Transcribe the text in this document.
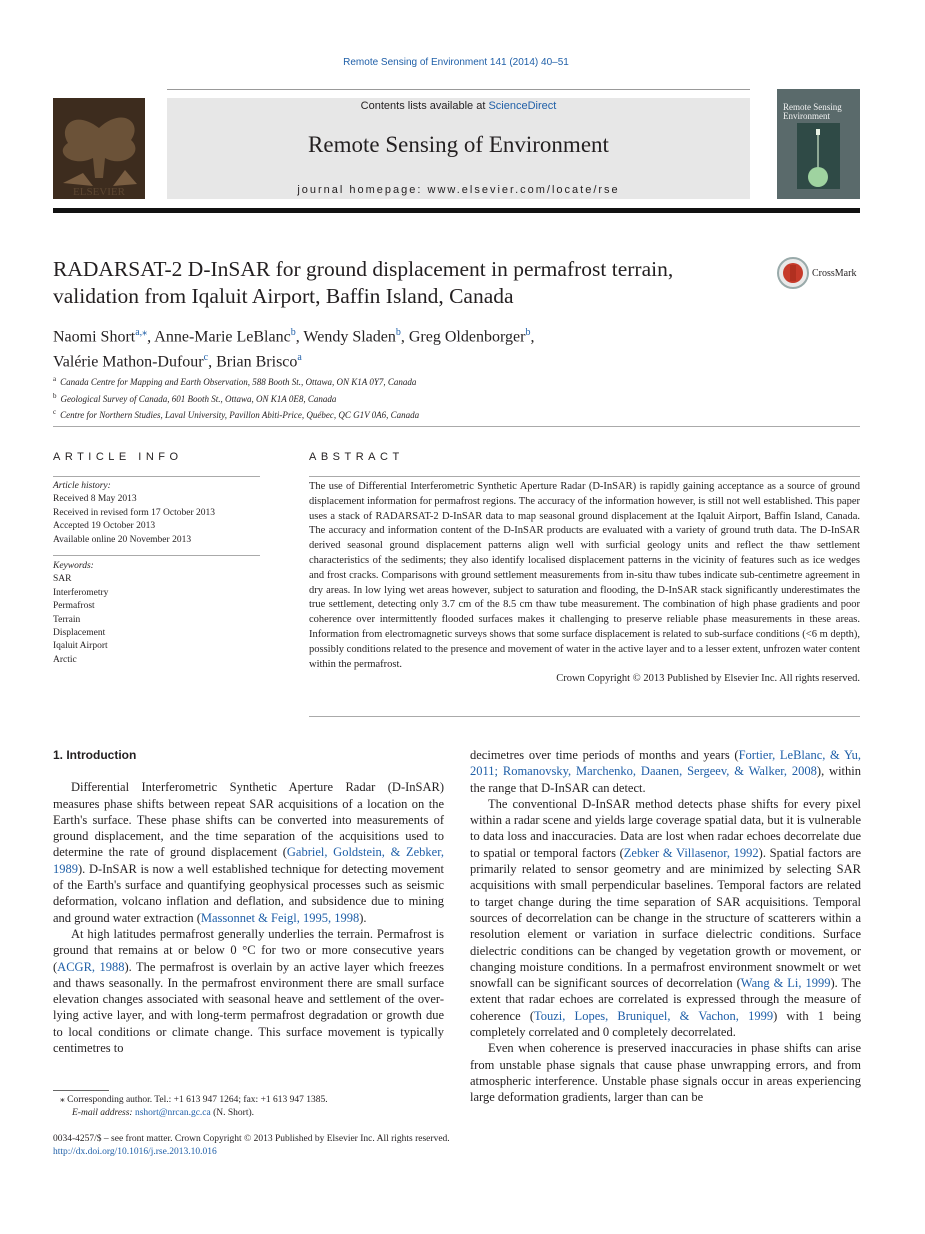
Remote Sensing of Environment 141 (2014) 40–51
ELSEVIER
Contents lists available at ScienceDirect
Remote Sensing of Environment
journal homepage: www.elsevier.com/locate/rse
Remote Sensing Environment
RADARSAT-2 D-InSAR for ground displacement in permafrost terrain,
validation from Iqaluit Airport, Baffin Island, Canada
CrossMark
Naomi Short$^{a,⁎}$, Anne-Marie LeBlanc$^b$, Wendy Sladen$^b$, Greg Oldenborger$^b$,
Valérie Mathon-Dufour$^c$, Brian Brisco$^a$
$^a$ Canada Centre for Mapping and Earth Observation, 588 Booth St., Ottawa, ON K1A 0Y7, Canada
$^b$ Geological Survey of Canada, 601 Booth St., Ottawa, ON K1A 0E8, Canada
$^c$ Centre for Northern Studies, Laval University, Pavillon Abiti-Price, Québec, QC G1V 0A6, Canada
ARTICLE INFO
Article history:
Received 8 May 2013
Received in revised form 17 October 2013
Accepted 19 October 2013
Available online 20 November 2013
Keywords:
SAR
Interferometry
Permafrost
Terrain
Displacement
Iqaluit Airport
Arctic
ABSTRACT
The use of Differential Interferometric Synthetic Aperture Radar (D-InSAR) is rapidly gaining acceptance as a source of ground displacement information for permafrost regions. The accuracy of the information however, is still not well established. This paper uses a stack of RADARSAT-2 D-InSAR data to map seasonal ground displacement at the Iqaluit Airport, Baffin Island, Canada. The accuracy and information content of the D-InSAR products are evaluated with a variety of ground truth data. The D-InSAR derived seasonal ground displacement patterns align well with surficial geology units and reflect the thaw settlement characteristics of the sediments; they also identify localised displacement patterns in the vicinity of features such as ice wedges and frost cracks. Comparisons with ground settlement measurements from in-situ thaw tubes indicate sub-centimetre agreement in dry areas. In low lying wet areas however, subject to saturation and flooding, the D-InSAR stack significantly underestimates the true settlement, detecting only 3.7 cm of the 8.5 cm thaw tube measurement. The combination of high phase gradients and poor coherence over intermittently flooded surfaces makes it challenging to preserve reliable phase measurements in these areas. Information from electromagnetic surveys shows that some surface displacement is related to sub-surface conditions (<6 m depth), possibly conditions related to the presence and movement of water in the active layer and to a lesser extent, unfrozen water content within the permafrost.
Crown Copyright © 2013 Published by Elsevier Inc. All rights reserved.
1. Introduction

Differential Interferometric Synthetic Aperture Radar (D-InSAR) measures phase shifts between repeat SAR acquisitions of a location on the Earth's surface. These phase shifts can be converted into measurements of ground displacement, and the time separation of the acquisitions used to determine the rate of ground displacement (Gabriel, Goldstein, & Zebker, 1989). D-InSAR is now a well established technique for detecting movement of the Earth's surface and quantifying geophysical processes such as seismic deformation, volcano inflation and deflation, and subsidence due to mining and ground water extraction (Massonnet & Feigl, 1995, 1998).

At high latitudes permafrost generally underlies the terrain. Permafrost is ground that remains at or below 0 °C for two or more consecutive years (ACGR, 1988). The permafrost is overlain by an active layer which freezes and thaws seasonally. In the permafrost environment there are small surface elevation changes associated with seasonal heave and settlement of the over-lying active layer, and with long-term permafrost degradation or growth due to local conditions or climate change. This surface movement is typically centimetres to

decimetres over time periods of months and years (Fortier, LeBlanc, & Yu, 2011; Romanovsky, Marchenko, Daanen, Sergeev, & Walker, 2008), within the range that D-InSAR can detect.

The conventional D-InSAR method detects phase shifts for every pixel within a radar scene and yields large coverage spatial data, but it is vulnerable to data loss and inaccuracies. Data are lost when radar echoes decorrelate due to spatial or temporal factors (Zebker & Villasenor, 1992). Spatial factors are primarily related to sensor geometry and are minimized by selecting SAR acquisitions with small perpendicular baselines. Temporal factors are related to target change during the time separation of SAR acquisitions. Temporal sources of decorrelation can be change in the structure of scatterers within a resolution element or variation in surface dielectric conditions. Surface dielectric conditions can be changed by vegetation growth or movement, or changing moisture conditions. In a permafrost environment snowmelt or wet snowfall can be significant sources of decorrelation (Wang & Li, 1999). The extent that radar echoes are correlated is expressed through the measure of coherence (Touzi, Lopes, Bruniquel, & Vachon, 1999) with 1 being completely correlated and 0 completely decorrelated.

Even when coherence is preserved inaccuracies in phase shifts can arise from unstable phase signals that cause phase unwrapping errors, and from atmospheric interference. Unstable phase signals occur in areas experiencing large deformation gradients, larger than can be

⁎ Corresponding author. Tel.: +1 613 947 1264; fax: +1 613 947 1385.
E-mail address: nshort@nrcan.gc.ca (N. Short).
0034-4257/$ – see front matter. Crown Copyright © 2013 Published by Elsevier Inc. All rights reserved.
http://dx.doi.org/10.1016/j.rse.2013.10.016
